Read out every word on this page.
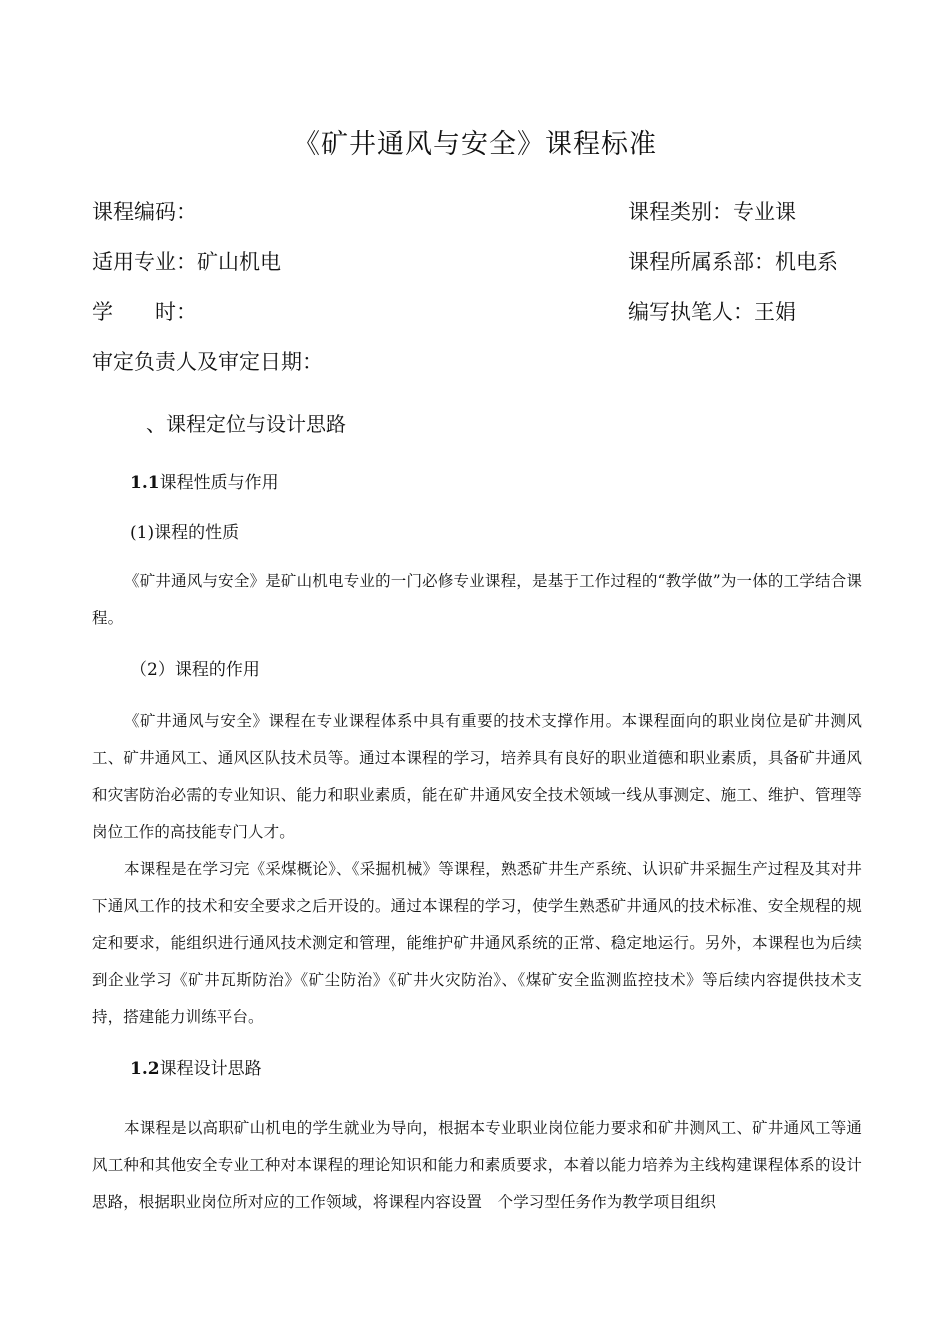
《矿井通风与安全》课程标准
课程编码：	课程类别：专业课
适用专业：矿山机电	课程所属系部：机电系
学　　时：	编写执笔人：王娟
审定负责人及审定日期：
、课程定位与设计思路
1.1课程性质与作用
(1)课程的性质
《矿井通风与安全》是矿山机电专业的一门必修专业课程，是基于工作过程的“教学做”为一体的工学结合课程。
（2）课程的作用
《矿井通风与安全》课程在专业课程体系中具有重要的技术支撑作用。本课程面向的职业岗位是矿井测风工、矿井通风工、通风区队技术员等。通过本课程的学习，培养具有良好的职业道德和职业素质，具备矿井通风和灾害防治必需的专业知识、能力和职业素质，能在矿井通风安全技术领域一线从事测定、施工、维护、管理等岗位工作的高技能专门人才。
本课程是在学习完《采煤概论》、《采掘机械》等课程，熟悉矿井生产系统、认识矿井采掘生产过程及其对井下通风工作的技术和安全要求之后开设的。通过本课程的学习，使学生熟悉矿井通风的技术标准、安全规程的规定和要求，能组织进行通风技术测定和管理，能维护矿井通风系统的正常、稳定地运行。另外，本课程也为后续到企业学习《矿井瓦斯防治》《矿尘防治》《矿井火灾防治》、《煤矿安全监测监控技术》等后续内容提供技术支持，搭建能力训练平台。
1.2课程设计思路
本课程是以高职矿山机电的学生就业为导向，根据本专业职业岗位能力要求和矿井测风工、矿井通风工等通风工种和其他安全专业工种对本课程的理论知识和能力和素质要求，本着以能力培养为主线构建课程体系的设计思路，根据职业岗位所对应的工作领域，将课程内容设置　个学习型任务作为教学项目组织
